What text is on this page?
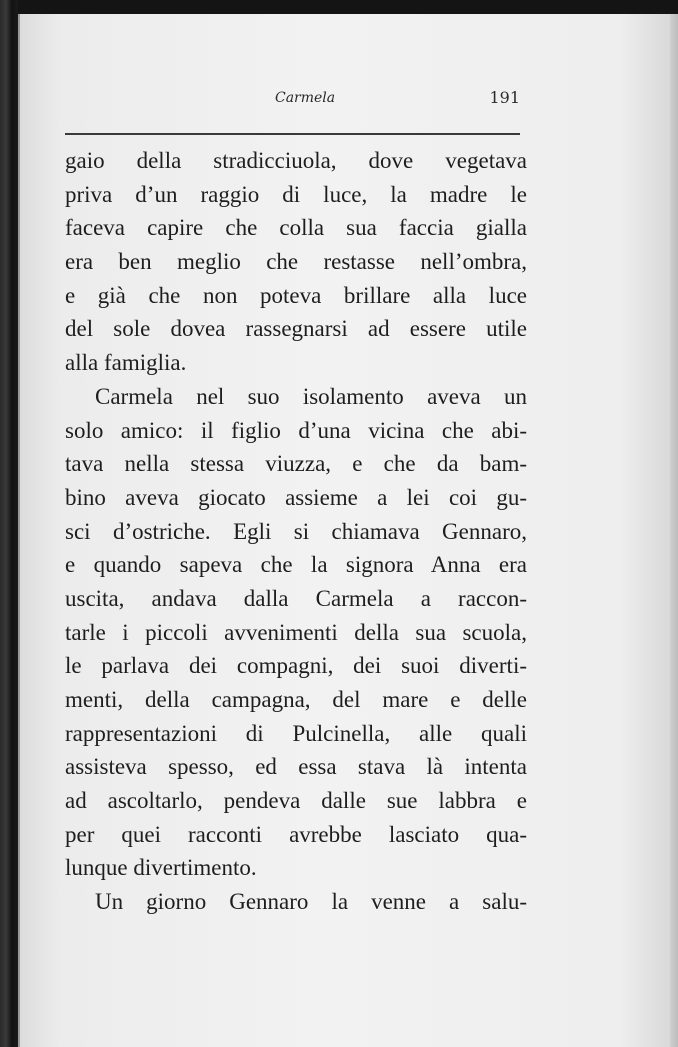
Carmela	191
gaio della stradicciuola, dove vegetava
priva d’un raggio di luce, la madre le
faceva capire che colla sua faccia gialla
era ben meglio che restasse nell’ombra,
e già che non poteva brillare alla luce
del sole dovea rassegnarsi ad essere utile
alla famiglia.
Carmela nel suo isolamento aveva un
solo amico: il figlio d’una vicina che abi-
tava nella stessa viuzza, e che da bam-
bino aveva giocato assieme a lei coi gu-
sci d’ostriche. Egli si chiamava Gennaro,
e quando sapeva che la signora Anna era
uscita, andava dalla Carmela a raccon-
tarle i piccoli avvenimenti della sua scuola,
le parlava dei compagni, dei suoi diverti-
menti, della campagna, del mare e delle
rappresentazioni di Pulcinella, alle quali
assisteva spesso, ed essa stava là intenta
ad ascoltarlo, pendeva dalle sue labbra e
per quei racconti avrebbe lasciato qua-
lunque divertimento.
Un giorno Gennaro la venne a salu-
